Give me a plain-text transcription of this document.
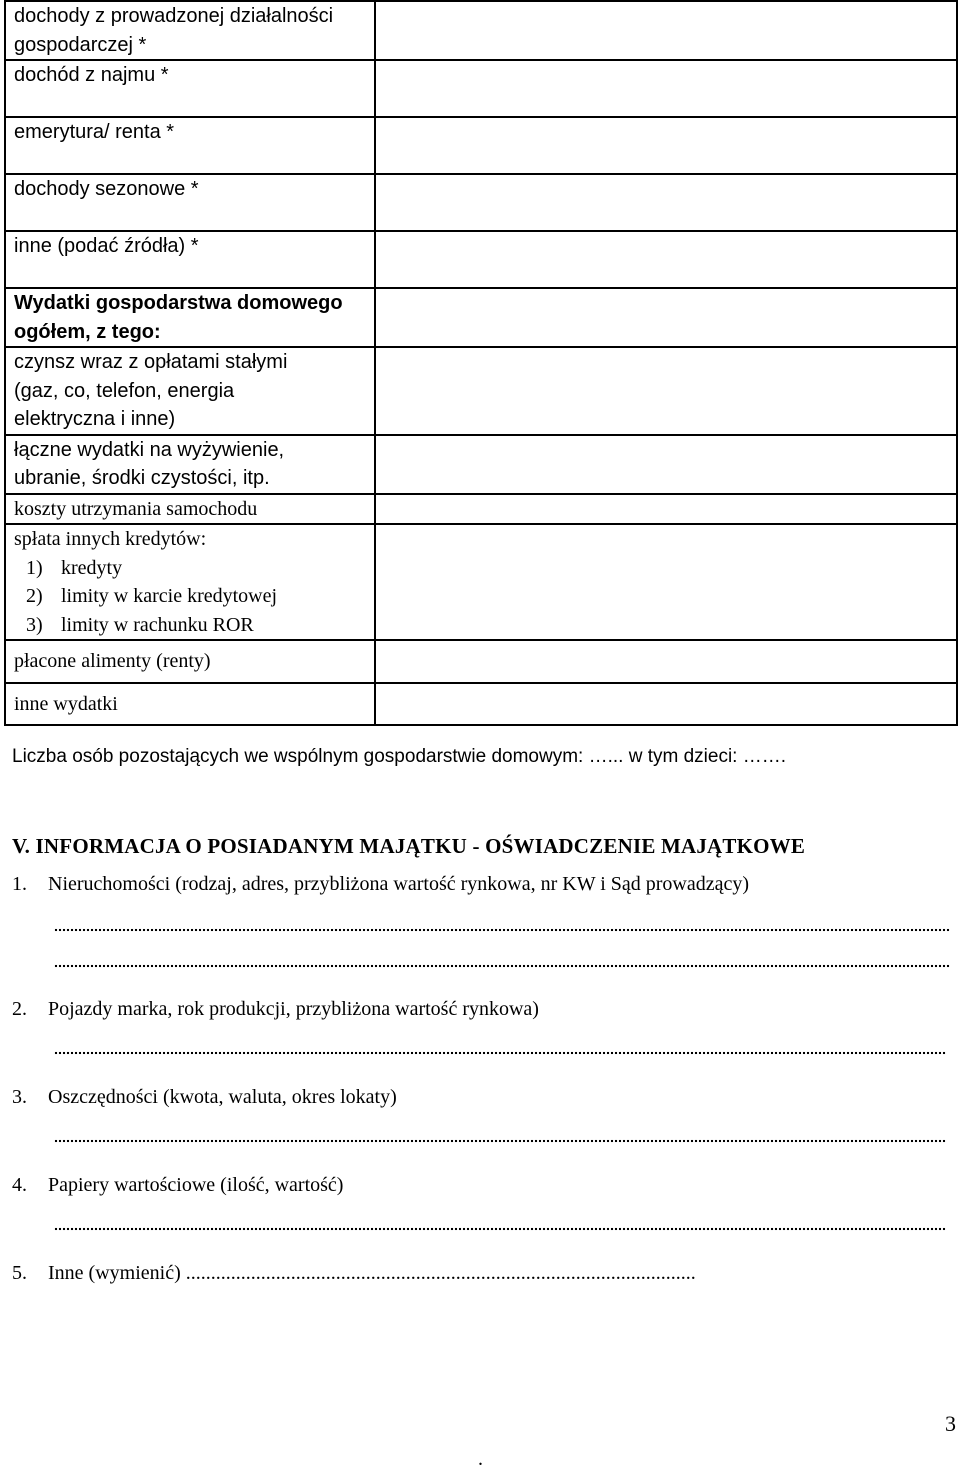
dochody z prowadzonej działalności
gospodarczej *	

dochód z najmu *	

emerytura/ renta *	

dochody sezonowe *	

inne (podać źródła) *	

Wydatki gospodarstwa domowego
ogółem, z tego:	

czynsz wraz z opłatami stałymi
(gaz, co, telefon, energia
elektryczna i inne)	

łączne wydatki na wyżywienie,
ubranie, środki czystości, itp.	

koszty utrzymania samochodu	

spłata innych kredytów:
1) kredyty
2) limity w karcie kredytowej
3) limity w rachunku ROR	

płacone alimenty (renty)	

inne wydatki	

Liczba osób pozostających we wspólnym gospodarstwie domowym: …... w tym dzieci: …….
V. INFORMACJA O POSIADANYM MAJĄTKU - OŚWIADCZENIE MAJĄTKOWE
1. Nieruchomości (rodzaj, adres, przybliżona wartość rynkowa, nr KW i Sąd prowadzący)
2. Pojazdy marka, rok produkcji, przybliżona wartość rynkowa)
3. Oszczędności (kwota, waluta, okres lokaty)
4. Papiery wartościowe (ilość, wartość)
5. Inne (wymienić) ......................................................................................................
3
.
